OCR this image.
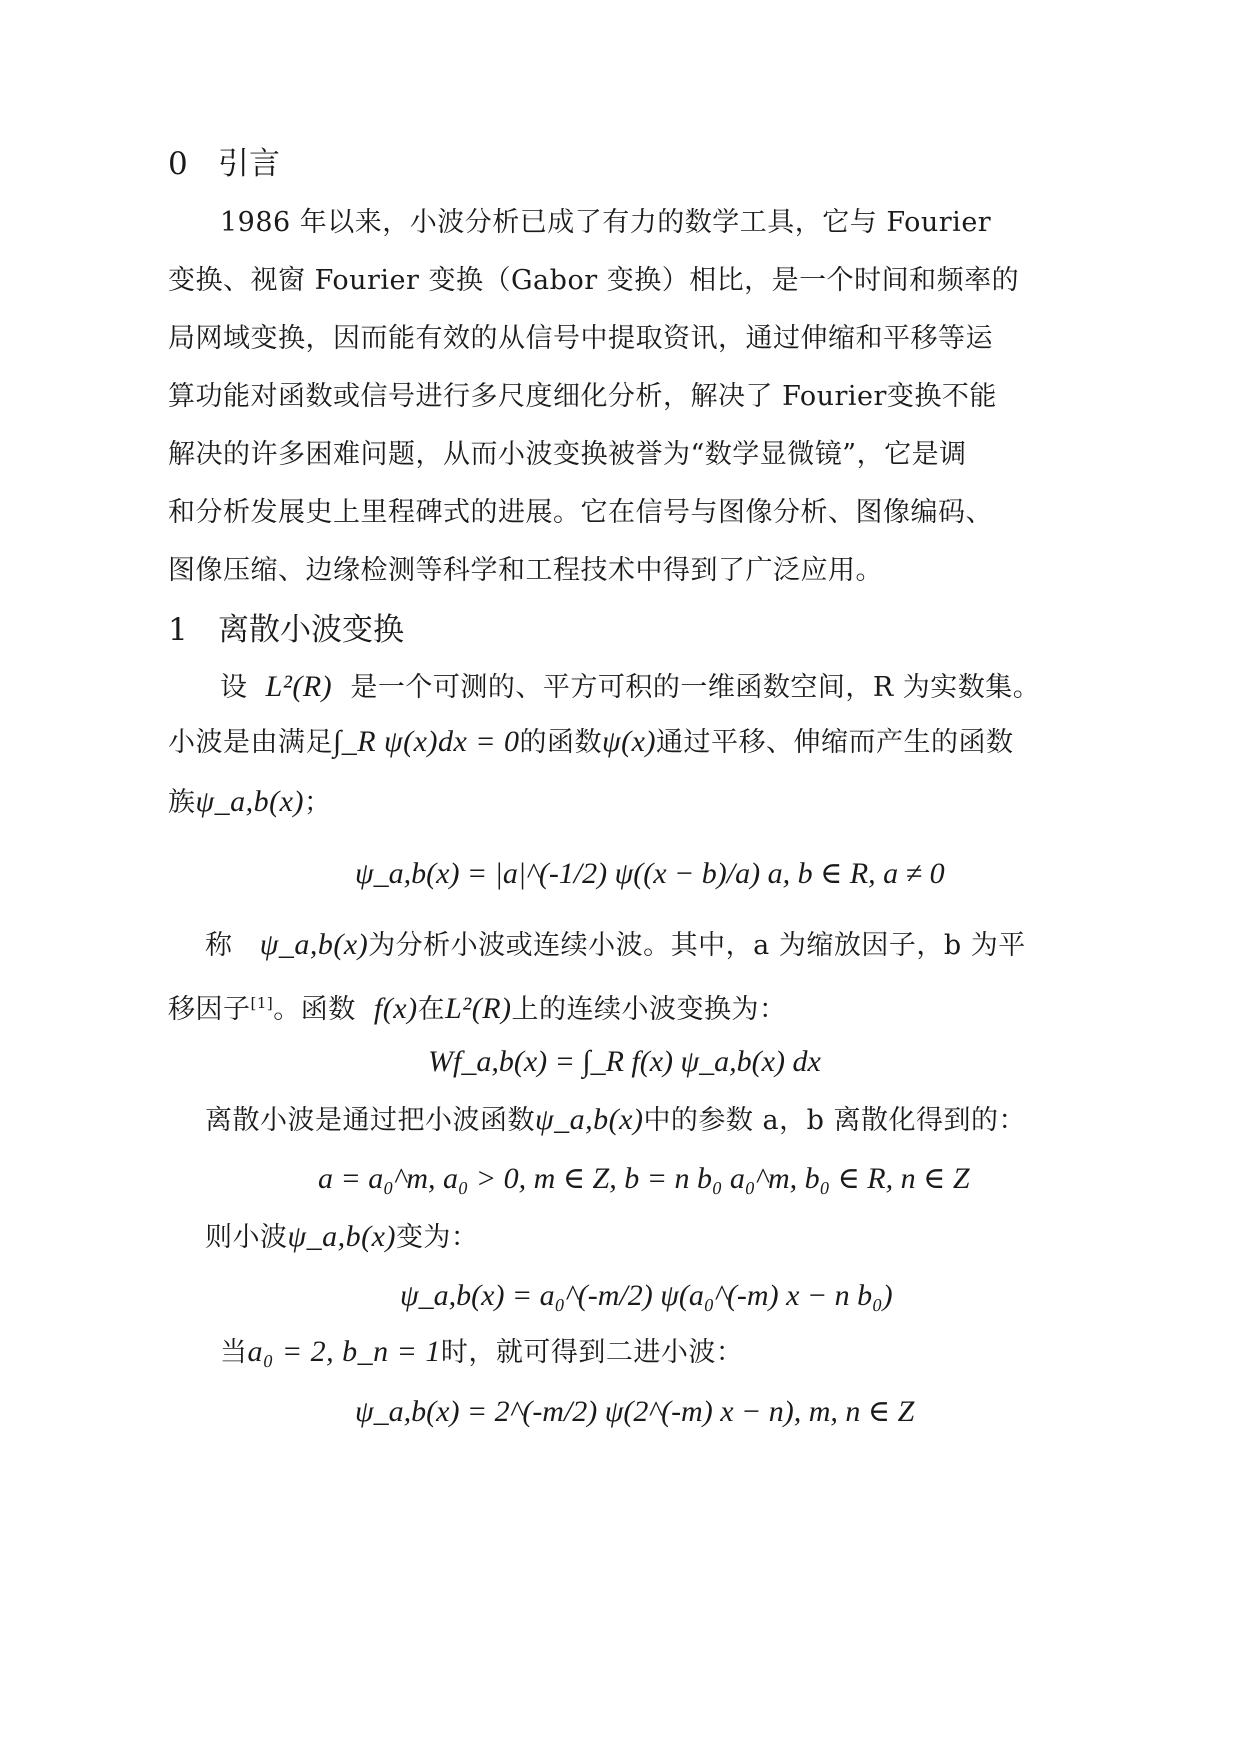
0 引言
1986 年以来，小波分析已成了有力的数学工具，它与 Fourier
变换、视窗 Fourier 变换（Gabor 变换）相比，是一个时间和频率的
局网域变换，因而能有效的从信号中提取资讯，通过伸缩和平移等运
算功能对函数或信号进行多尺度细化分析，解决了 Fourier变换不能
解决的许多困难问题，从而小波变换被誉为“数学显微镜”，它是调
和分析发展史上里程碑式的进展。它在信号与图像分析、图像编码、
图像压缩、边缘检测等科学和工程技术中得到了广泛应用。
1 离散小波变换
设 L²(R) 是一个可测的、平方可积的一维函数空间，R 为实数集。
小波是由满足∫_R ψ(x)dx = 0的函数ψ(x)通过平移、伸缩而产生的函数
族ψ_a,b(x)；
ψ_a,b(x) = |a|^(-1/2) ψ((x − b)/a) a, b ∈ R, a ≠ 0
称 ψ_a,b(x)为分析小波或连续小波。其中，a 为缩放因子，b 为平
移因子[1]。函数 f(x)在L²(R)上的连续小波变换为：
Wf_a,b(x) = ∫_R f(x) ψ_a,b(x) dx
离散小波是通过把小波函数ψ_a,b(x)中的参数 a，b 离散化得到的：
a = a₀^m, a₀ > 0, m ∈ Z, b = n b₀ a₀^m, b₀ ∈ R, n ∈ Z
则小波ψ_a,b(x)变为：
ψ_a,b(x) = a₀^(-m/2) ψ(a₀^(-m) x − n b₀)
当a₀ = 2, b_n = 1时，就可得到二进小波：
ψ_a,b(x) = 2^(-m/2) ψ(2^(-m) x − n), m, n ∈ Z
